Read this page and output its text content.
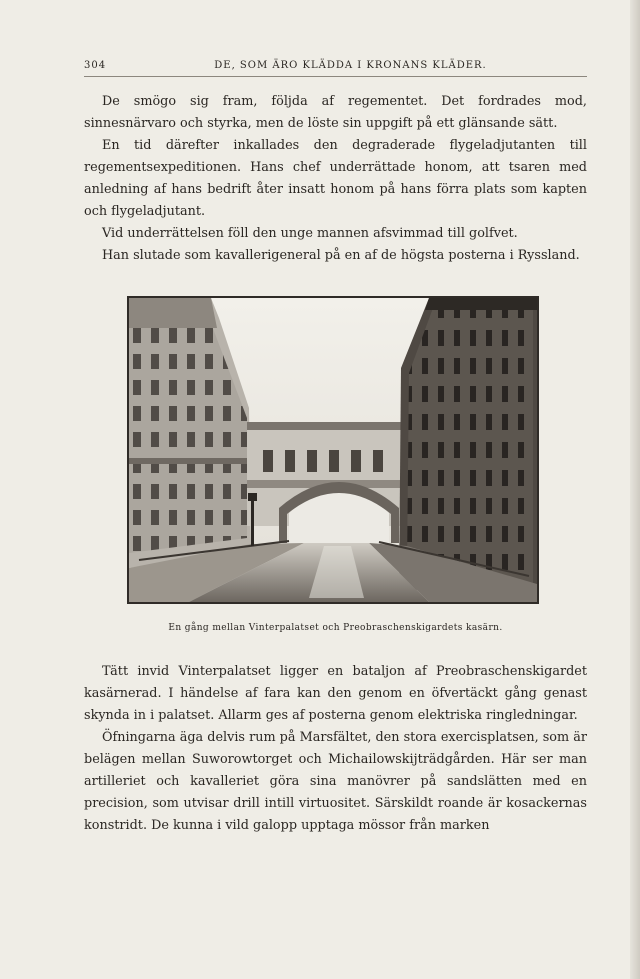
304	DE, SOM ÄRO KLÄDDA I KRONANS KLÄDER.

De smögo sig fram, följda af regementet. Det fordrades mod, sinnesnärvaro och styrka, men de löste sin uppgift på ett glänsande sätt.

En tid därefter inkallades den degraderade flygeladjutanten till regementsexpeditionen. Hans chef underrättade honom, att tsaren med anledning af hans bedrift åter insatt honom på hans förra plats som kapten och flygeladjutant.

Vid underrättelsen föll den unge mannen afsvimmad till golfvet.

Han slutade som kavallerigeneral på en af de högsta posterna i Ryssland.

En gång mellan Vinterpalatset och Preobraschenskigardets kasärn.

Tätt invid Vinterpalatset ligger en bataljon af Preobraschenskigardet kasärnerad. I händelse af fara kan den genom en öfvertäckt gång genast skynda in i palatset. Allarm ges af posterna genom elektriska ringledningar.

Öfningarna äga delvis rum på Marsfältet, den stora exercisplatsen, som är belägen mellan Suworowtorget och Michailowskijträdgården. Här ser man artilleriet och kavalleriet göra sina manövrer på sandslätten med en precision, som utvisar drill intill virtuositet. Särskildt roande är kosackernas konstridt. De kunna i vild galopp upptaga mössor från marken
